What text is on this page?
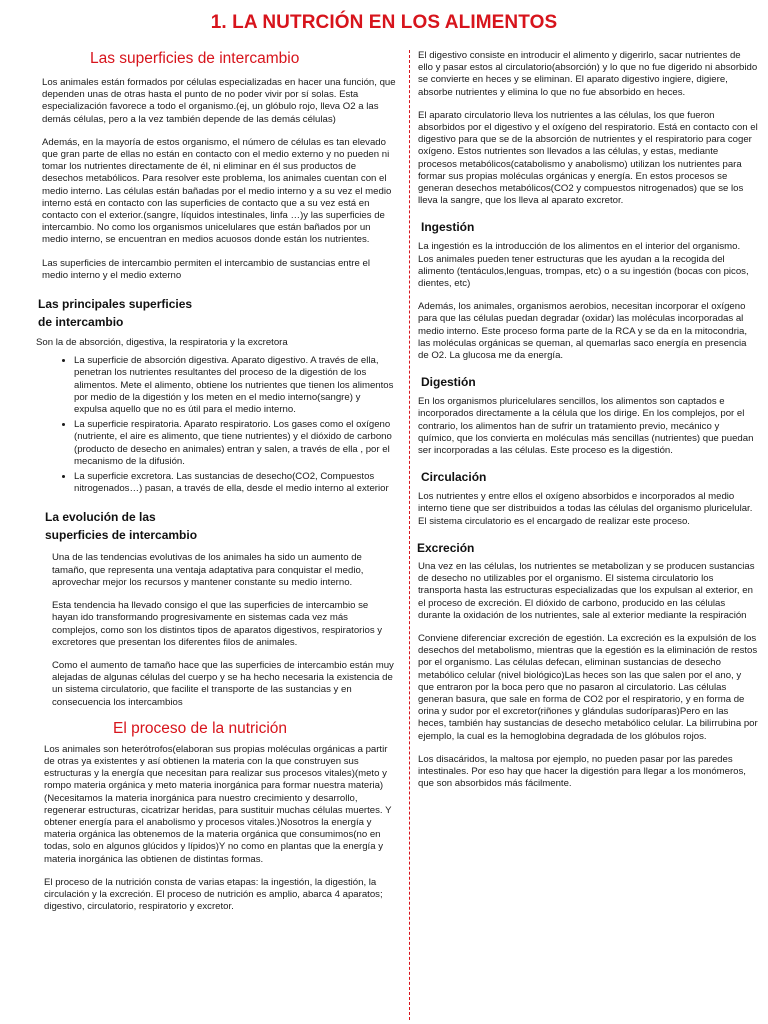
1. LA NUTRCIÓN EN LOS ALIMENTOS
Las superficies de intercambio

Los animales están formados por células especializadas en hacer una función, que dependen unas de otras hasta el punto de no poder vivir por sí solas. Esta especialización favorece a todo el organismo.(ej, un glóbulo rojo, lleva O2 a las demás células, pero a la vez también depende de las demás células)

Además, en la mayoría de estos organismo, el número de células es tan elevado que gran parte de ellas no están en contacto con el medio externo y no pueden ni tomar los nutrientes directamente de él, ni eliminar en él sus productos de desechos metabólicos. Para resolver este problema, los animales cuentan con el medio interno. Las células están bañadas por el medio interno y a su vez el medio interno está en contacto con las superficies de contacto que a su vez está en contacto con el exterior.(sangre, líquidos intestinales, linfa …)y las superficies de intercambio. No como los organismos unicelulares que están bañados por un medio interno, se encuentran en medios acuosos donde están los nutrientes.

Las superficies de intercambio permiten el intercambio de sustancias entre el medio interno y el medio externo

Las principales superficies
de intercambio

Son la de absorción, digestiva, la respiratoria y la excretora

• La superficie de absorción digestiva. Aparato digestivo. A través de ella, penetran los nutrientes resultantes del proceso de la digestión de los alimentos. Mete el alimento, obtiene los nutrientes que tienen los alimentos por medio de la digestión y los meten en el medio interno(sangre) y expulsa aquello que no es útil para el medio interno.
• La superficie respiratoria. Aparato respiratorio. Los gases como el oxígeno (nutriente, el aire es alimento, que tiene nutrientes) y el dióxido de carbono (producto de desecho en animales) entran y salen, a través de ella , por el mecanismo de la difusión.
• La superficie excretora. Las sustancias de desecho(CO2, Compuestos nitrogenados…) pasan, a través de ella, desde el medio interno al exterior
La evolución de las
superficies de intercambio

Una de las tendencias evolutivas de los animales ha sido un aumento de tamaño, que representa una ventaja adaptativa para conquistar el medio, aprovechar mejor los recursos y mantener constante su medio interno.

Esta tendencia ha llevado consigo el que las superficies de intercambio se hayan ido transformando progresivamente en sistemas cada vez más complejos, como son los distintos tipos de aparatos digestivos, respiratorios y excretores que presentan los diferentes filos de animales.

Como el aumento de tamaño hace que las superficies de intercambio están muy alejadas de algunas células del cuerpo y se ha hecho necesaria la existencia de un sistema circulatorio, que facilite el transporte de las sustancias y en consecuencia los intercambios

El proceso de la nutrición

Los animales son heterótrofos(elaboran sus propias moléculas orgánicas a partir de otras ya existentes y así obtienen la materia con la que construyen sus estructuras y la energía que necesitan para realizar sus procesos vitales)(meto y rompo materia orgánica y meto materia inorgánica para formar nuestra materia)(Necesitamos la materia inorgánica para nuestro crecimiento y desarrollo, regenerar estructuras, cicatrizar heridas, para sustituir muchas células muertes. Y obtener energía para el anabolismo y procesos vitales.)Nosotros la energía y materia orgánica las obtenemos de la materia orgánica que consumimos(no en todas, solo en algunos glúcidos y lípidos)Y no como en plantas que la energía y materia inorgánica las obtienen de distintas formas.

El proceso de la nutrición consta de varias etapas: la ingestión, la digestión, la circulación y la excreción. El proceso de nutrición es amplio, abarca 4 aparatos; digestivo, circulatorio, respiratorio y excretor.

El digestivo consiste en introducir el alimento y digerirlo, sacar nutrientes de ello y pasar estos al circulatorio(absorción) y lo que no fue digerido ni absorbido se convierte en heces y se eliminan. El aparato digestivo ingiere, digiere, absorbe nutrientes y elimina lo que no fue absorbido en heces.

El aparato circulatorio lleva los nutrientes a las células, los que fueron absorbidos por el digestivo y el oxígeno del respiratorio. Está en contacto con el digestivo para que se de la absorción de nutrientes y el respiratorio para coger oxígeno. Estos nutrientes son llevados a las células, y estas, mediante procesos metabólicos(catabolismo y anabolismo) utilizan los nutrientes para formar sus propias moléculas orgánicas y energía. En estos procesos se generan desechos metabólicos(CO2 y compuestos nitrogenados) que se los lleva la sangre, que los lleva al aparato excretor.

Ingestión

La ingestión es la introducción de los alimentos en el interior del organismo. Los animales pueden tener estructuras que les ayudan a la recogida del alimento (tentáculos,lenguas, trompas, etc) o a su ingestión (bocas con picos, dientes, etc)

Además, los animales, organismos aerobios, necesitan incorporar el oxígeno para que las células puedan degradar (oxidar) las moléculas incorporadas al medio interno. Este proceso forma parte de la RCA y se da en la mitocondria, las moléculas orgánicas se queman, al quemarlas saco energía en presencia de O2. La glucosa me da energía.

Digestión

En los organismos pluricelulares sencillos, los alimentos son captados e incorporados directamente a la célula que los dirige. En los complejos, por el contrario, los alimentos han de sufrir un tratamiento previo, mecánico y químico, que los convierta en moléculas más sencillas (nutrientes) que puedan ser incorporadas a las células. Este proceso es la digestión.

Circulación

Los nutrientes y entre ellos el oxígeno absorbidos e incorporados al medio interno tiene que ser distribuidos a todas las células del organismo pluricelular. El sistema circulatorio es el encargado de realizar este proceso.

Excreción

Una vez en las células, los nutrientes se metabolizan y se producen sustancias de desecho no utilizables por el organismo. El sistema circulatorio los transporta hasta las estructuras especializadas que los expulsan al exterior, en el proceso de excreción. El dióxido de carbono, producido en las células durante la oxidación de los nutrientes, sale al exterior mediante la respiración

Conviene diferenciar excreción de egestión. La excreción es la expulsión de los desechos del metabolismo, mientras que la egestión es la eliminación de restos por el organismo. Las células defecan, eliminan sustancias de desecho metabólico celular (nivel biológico)Las heces son las que salen por el ano, y que entraron por la boca pero que no pasaron al circulatorio. Las células generan basura, que sale en forma de CO2 por el respiratorio, y en forma de orina y sudor por el excretor(riñones y glándulas sudoríparas)Pero en las heces, también hay sustancias de desecho metabólico celular. La bilirrubina por ejemplo, la cual es la hemoglobina degradada de los glóbulos rojos.

Los disacáridos, la maltosa por ejemplo, no pueden pasar por las paredes intestinales. Por eso hay que hacer la digestión para llegar a los monómeros, que son absorbidos más fácilmente.
